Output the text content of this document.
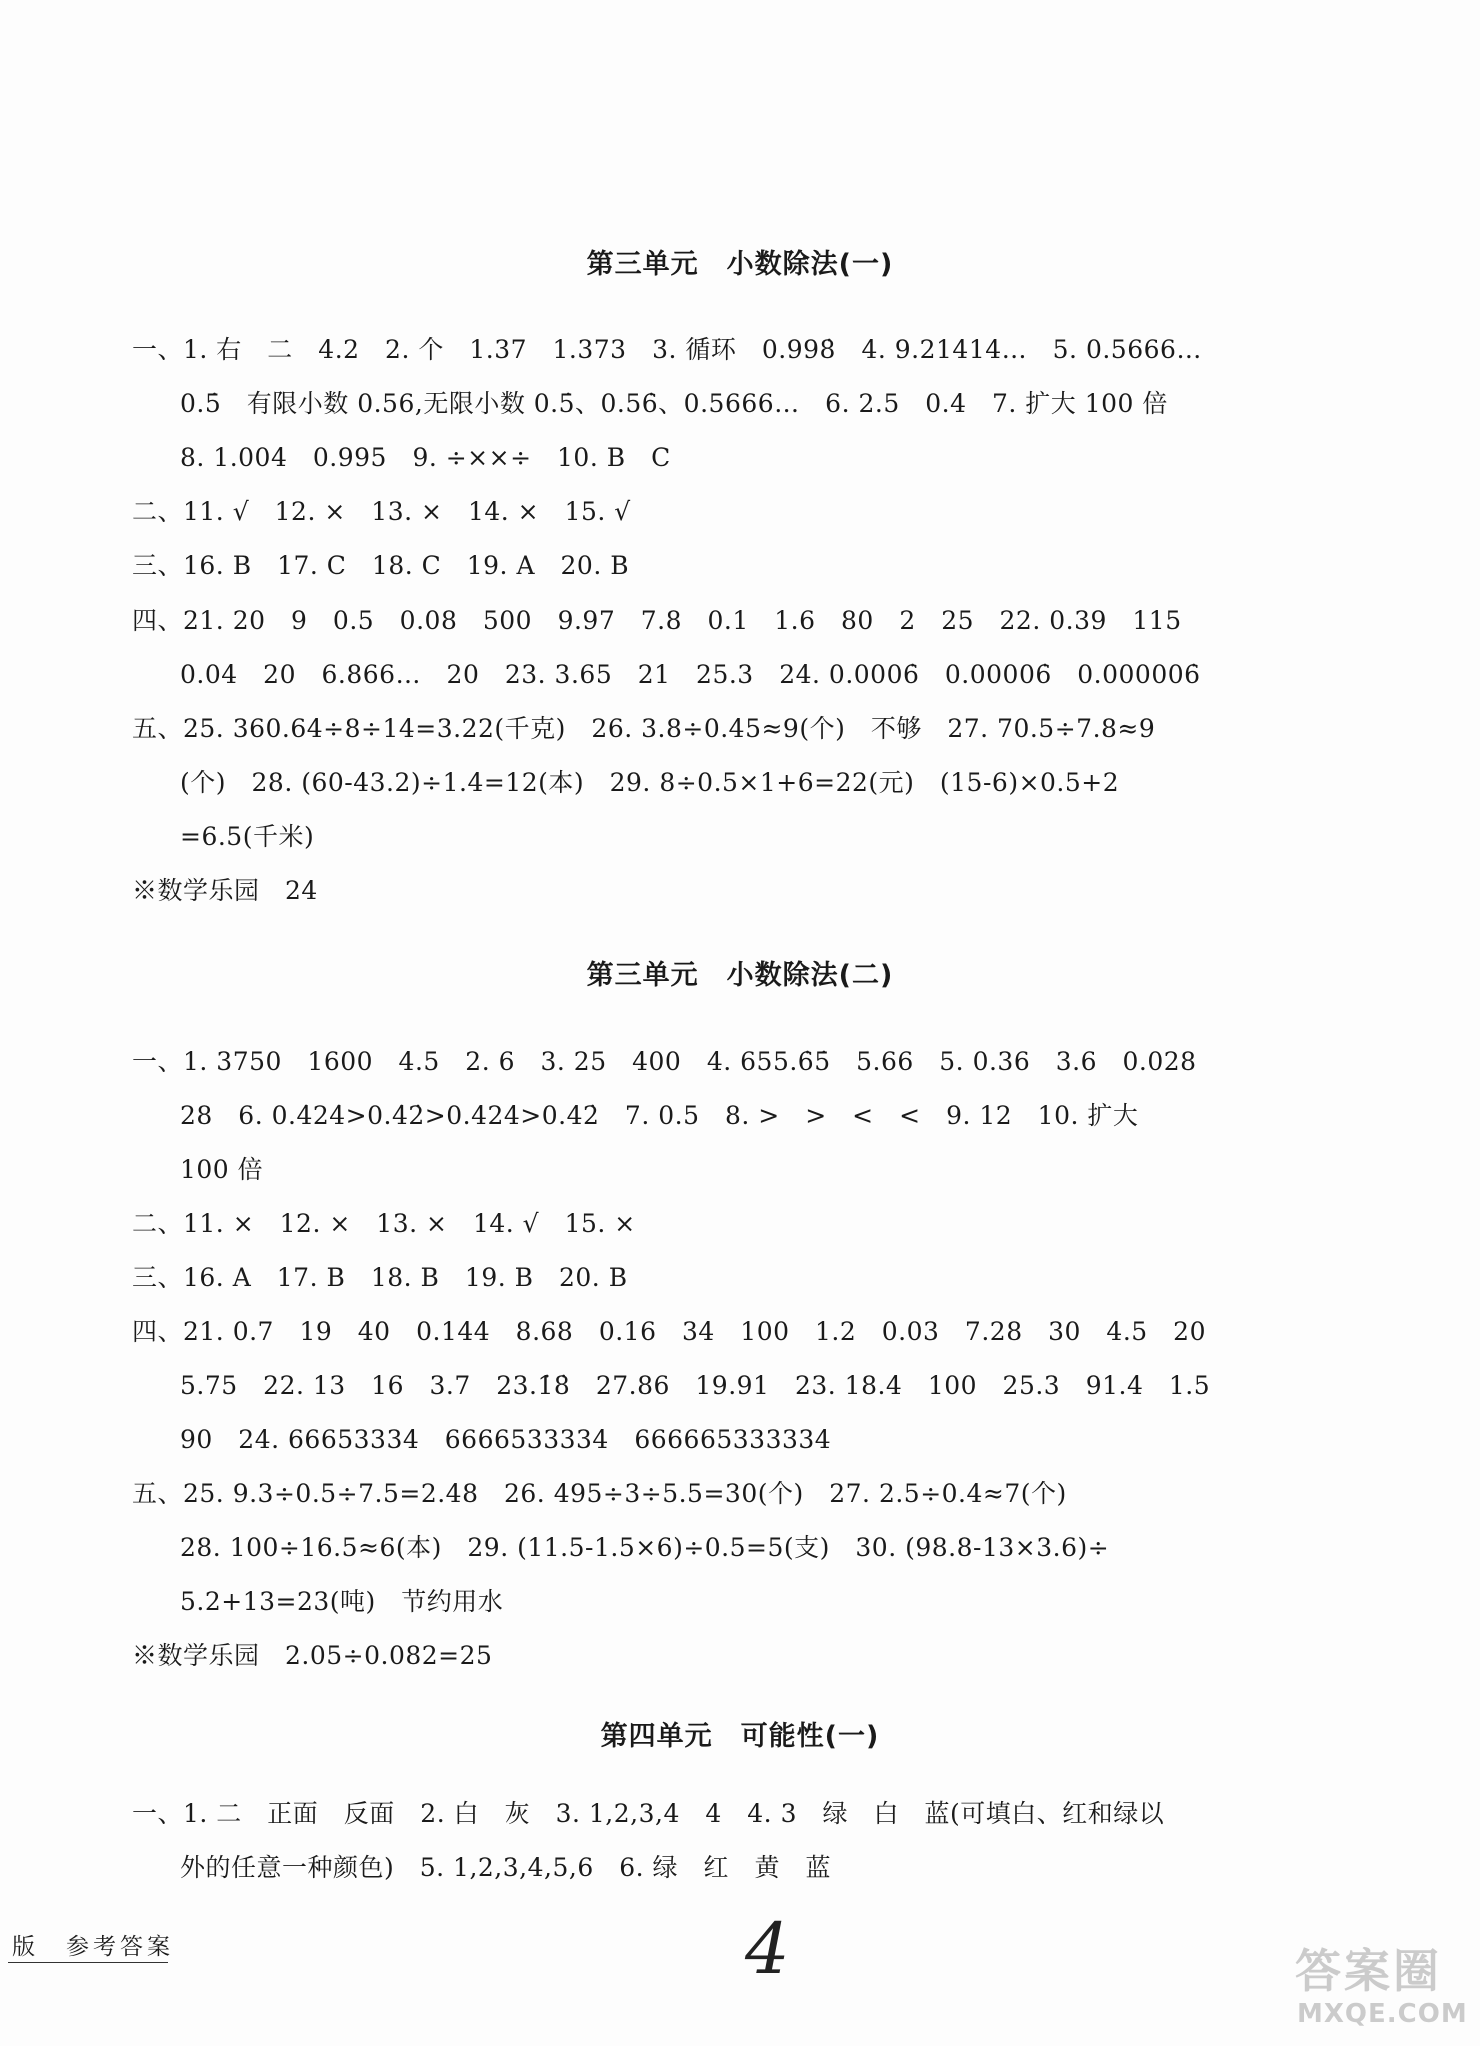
第三单元　小数除法(一)
一、1. 右　二　4.2　2. 个　1.37　1.373　3. 循环　0.998̇　4. 9.21414…　5. 0.5666…
0.5̇　有限小数 0.56,无限小数 0.5̇、0.56̇、0.5666…　6. 2.5　0.4　7. 扩大 100 倍
8. 1.004　0.995　9. ÷××÷　10. B　C
二、11. √　12. ×　13. ×　14. ×　15. √
三、16. B　17. C　18. C　19. A　20. B
四、21. 20　9　0.5　0.08　500　9.97　7.8　0.1　1.6　80　2　25　22. 0.39　115
0.04　20　6.866…　20　23. 3.65　21　25.3　24. 0.0006̇　0.00006̇　0.000006̇
五、25. 360.64÷8÷14=3.22(千克)　26. 3.8÷0.45≈9(个)　不够　27. 70.5÷7.8≈9
(个)　28. (60-43.2)÷1.4=12(本)　29. 8÷0.5×1+6=22(元)　(15-6)×0.5+2
=6.5(千米)
※数学乐园　24
第三单元　小数除法(二)
一、1. 3750　1600　4.5　2. 6　3. 25　400　4. 655.6̇5̇　5.66　5. 0.36　3.6　0.028
28　6. 0.4̇24̇>0.4̇2̇>0.424>0.42̇　7. 0.5　8. >　>　<　<　9. 12　10. 扩大
100 倍
二、11. ×　12. ×　13. ×　14. √　15. ×
三、16. A　17. B　18. B　19. B　20. B
四、21. 0.7　19　40　0.144　8.68　0.16　34　100　1.2　0.03　7.28　30　4.5　20
5.75　22. 13　16　3.7　23.1̇8̇　27.86　19.91　23. 18.4　100　25.3　91.4　1.5
90　24. 66653334　6666533334　666665333334
五、25. 9.3÷0.5÷7.5=2.48　26. 495÷3÷5.5=30(个)　27. 2.5÷0.4≈7(个)
28. 100÷16.5≈6(本)　29. (11.5-1.5×6)÷0.5=5(支)　30. (98.8-13×3.6)÷
5.2+13=23(吨)　节约用水
※数学乐园　2.05÷0.082=25
第四单元　可能性(一)
一、1. 二　正面　反面　2. 白　灰　3. 1,2,3,4　4　4. 3　绿　白　蓝(可填白、红和绿以
外的任意一种颜色)　5. 1,2,3,4,5,6　6. 绿　红　黄　蓝
版　参考答案	4	答案圈
MXQE.COM
